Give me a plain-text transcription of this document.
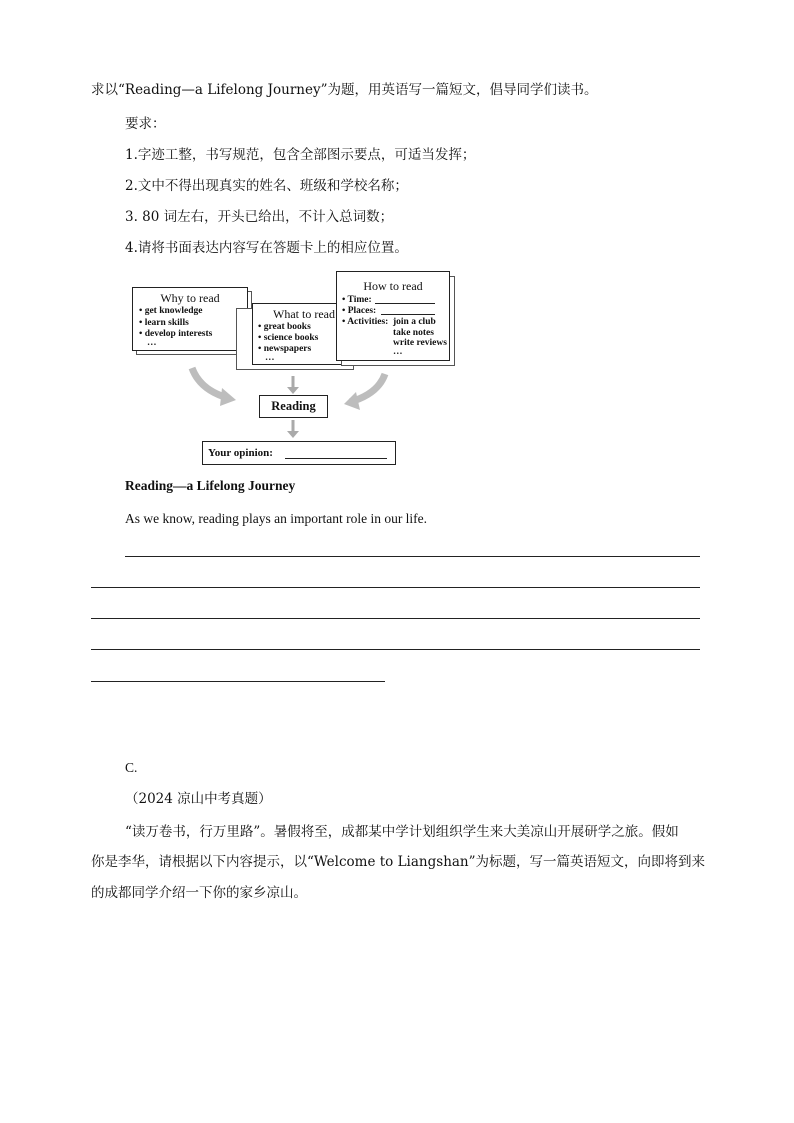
求以“Reading—a Lifelong Journey”为题，用英语写一篇短文，倡导同学们读书。
要求：
1.字迹工整，书写规范，包含全部图示要点，可适当发挥；
2.文中不得出现真实的姓名、班级和学校名称；
3. 80 词左右，开头已给出，不计入总词数；
4.请将书面表达内容写在答题卡上的相应位置。
Why to read
• get knowledge
• learn skills
• develop interests
…
What to read
• great books
• science books
• newspapers
…
How to read
• Time:
• Places:
• Activities: join a club
take notes
write reviews
…
Reading
Your opinion:
Reading—a Lifelong Journey
As we know, reading plays an important role in our life.
C.
（2024 凉山中考真题）
“读万卷书，行万里路”。暑假将至，成都某中学计划组织学生来大美凉山开展研学之旅。假如
你是李华，请根据以下内容提示，以“Welcome to Liangshan”为标题，写一篇英语短文，向即将到来
的成都同学介绍一下你的家乡凉山。
